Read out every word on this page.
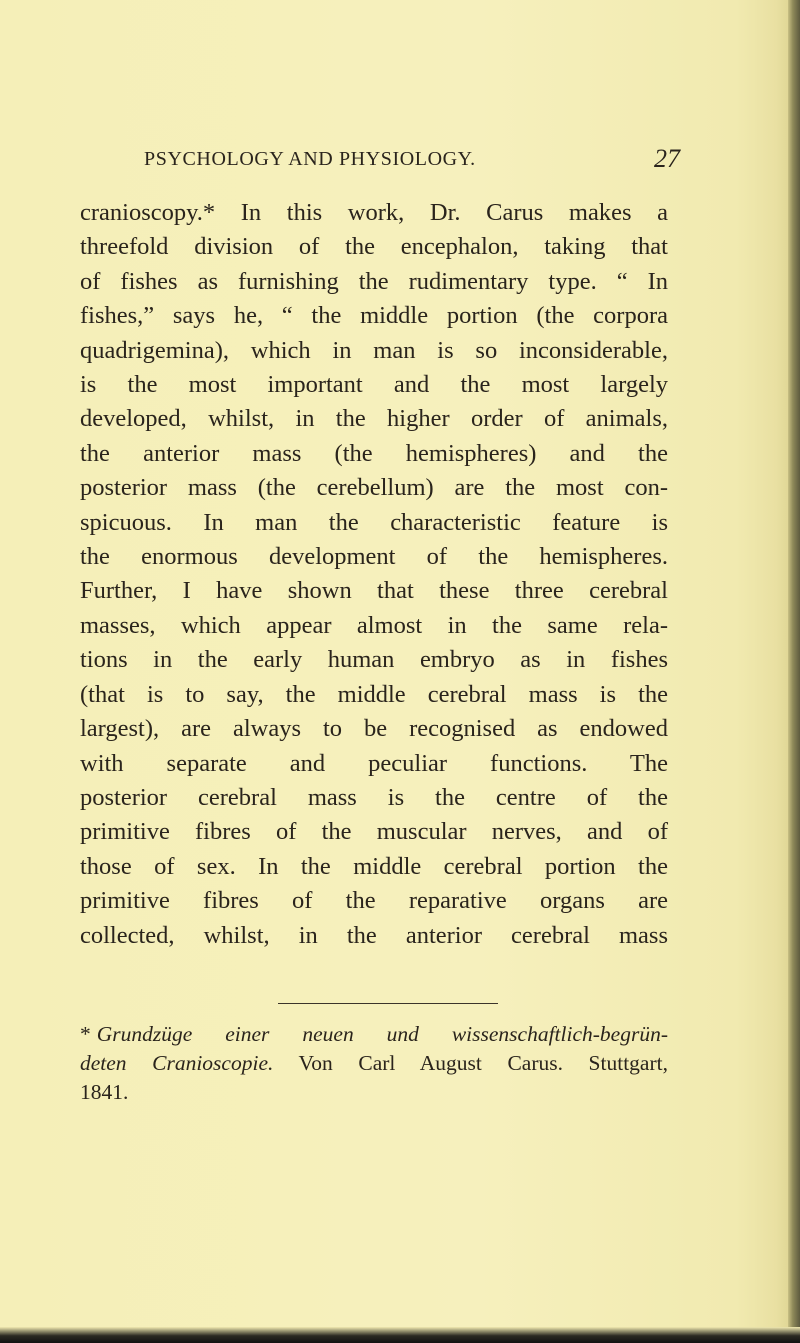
PSYCHOLOGY AND PHYSIOLOGY.	27
cranioscopy.* In this work, Dr. Carus makes a
threefold division of the encephalon, taking that
of fishes as furnishing the rudimentary type. “ In
fishes,” says he, “ the middle portion (the corpora
quadrigemina), which in man is so inconsiderable,
is the most important and the most largely
developed, whilst, in the higher order of animals,
the anterior mass (the hemispheres) and the
posterior mass (the cerebellum) are the most con-
spicuous. In man the characteristic feature is
the enormous development of the hemispheres.
Further, I have shown that these three cerebral
masses, which appear almost in the same rela-
tions in the early human embryo as in fishes
(that is to say, the middle cerebral mass is the
largest), are always to be recognised as endowed
with separate and peculiar functions. The
posterior cerebral mass is the centre of the
primitive fibres of the muscular nerves, and of
those of sex. In the middle cerebral portion the
primitive fibres of the reparative organs are
collected, whilst, in the anterior cerebral mass
* Grundzüge einer neuen und wissenschaftlich-begrün-
deten Cranioscopie. Von Carl August Carus. Stuttgart,
1841.
